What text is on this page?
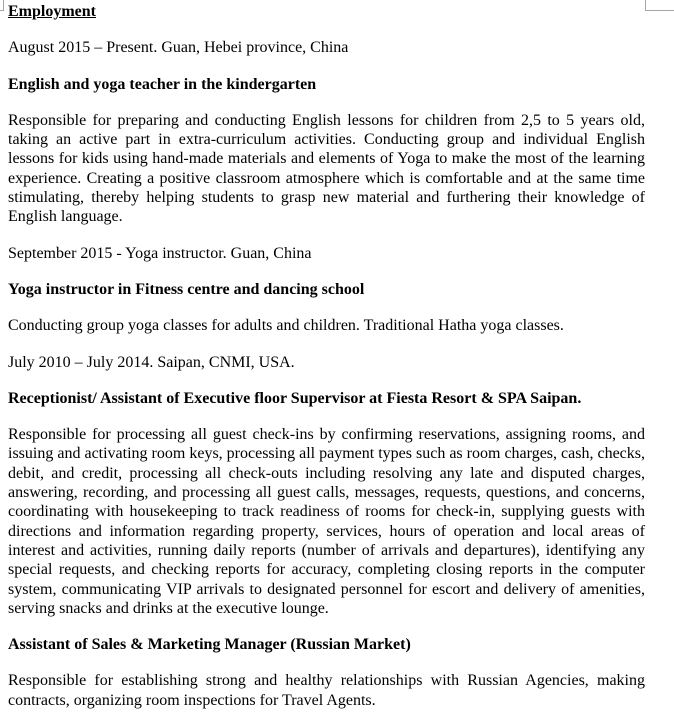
Employment

August 2015 – Present. Guan, Hebei province, China

English and yoga teacher in the kindergarten

Responsible for preparing and conducting English lessons for children from 2,5 to 5 years old, taking an active part in extra-curriculum activities. Conducting group and individual English lessons for kids using hand-made materials and elements of Yoga to make the most of the learning experience. Creating a positive classroom atmosphere which is comfortable and at the same time stimulating, thereby helping students to grasp new material and furthering their knowledge of English language.

September 2015 - Yoga instructor. Guan, China

Yoga instructor in Fitness centre and dancing school

Conducting group yoga classes for adults and children. Traditional Hatha yoga classes.

July 2010 – July 2014. Saipan, CNMI, USA.

Receptionist/ Assistant of Executive floor Supervisor at Fiesta Resort & SPA Saipan.

Responsible for processing all guest check-ins by confirming reservations, assigning rooms, and issuing and activating room keys, processing all payment types such as room charges, cash, checks, debit, and credit, processing all check-outs including resolving any late and disputed charges, answering, recording, and processing all guest calls, messages, requests, questions, and concerns, coordinating with housekeeping to track readiness of rooms for check-in, supplying guests with directions and information regarding property, services, hours of operation and local areas of interest and activities, running daily reports (number of arrivals and departures), identifying any special requests, and checking reports for accuracy, completing closing reports in the computer system, communicating VIP arrivals to designated personnel for escort and delivery of amenities, serving snacks and drinks at the executive lounge.

Assistant of Sales & Marketing Manager (Russian Market)

Responsible for establishing strong and healthy relationships with Russian Agencies, making contracts, organizing room inspections for Travel Agents.
